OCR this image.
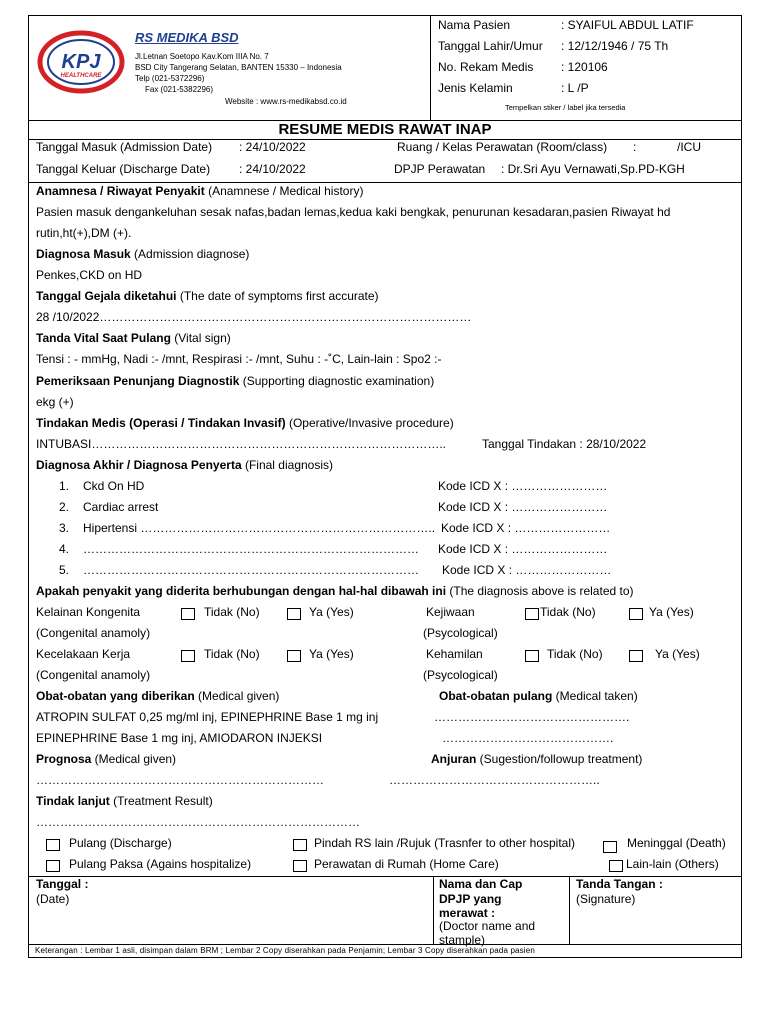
KPJ
HEALTHCARE
RS MEDIKA BSD
Jl.Letnan Soetopo Kav.Kom IIIA No. 7
BSD City Tangerang Selatan, BANTEN 15330 – Indonesia
Telp (021-5372296)
Fax (021-5382296)
Website : www.rs-medikabsd.co.id
Nama Pasien	: SYAIFUL ABDUL LATIF
Tanggal Lahir/Umur : 12/12/1946 / 75 Th
No. Rekam Medis : 120106
Jenis Kelamin	: L /P
Tempelkan stiker / label jika tersedia
RESUME MEDIS RAWAT INAP
Tanggal Masuk (Admission Date) : 24/10/2022	Ruang / Kelas Perawatan (Room/class) :	/ICU
Tanggal Keluar (Discharge Date) : 24/10/2022	DPJP Perawatan : Dr.Sri Ayu Vernawati,Sp.PD-KGH
Anamnesa / Riwayat Penyakit (Anamnese / Medical history)
Pasien masuk dengankeluhan sesak nafas,badan lemas,kedua kaki bengkak, penurunan kesadaran,pasien Riwayat hd
rutin,ht(+),DM (+).
Diagnosa Masuk (Admission diagnose)
Penkes,CKD on HD
Tanggal Gejala diketahui (The date of symptoms first accurate)
28 /10/2022…………………………………………………………………………………
Tanda Vital Saat Pulang (Vital sign)
Tensi : - mmHg, Nadi :- /mnt, Respirasi :- /mnt, Suhu : -˚C, Lain-lain : Spo2 :-
Pemeriksaan Penunjang Diagnostik (Supporting diagnostic examination)
ekg (+)
Tindakan Medis (Operasi / Tindakan Invasif) (Operative/Invasive procedure)
INTUBASI……………………………………………………………………………..	Tanggal Tindakan : 28/10/2022
Diagnosa Akhir / Diagnosa Penyerta (Final diagnosis)
1. Ckd On HD	Kode ICD X : ……………………
2. Cardiac arrest	Kode ICD X : ……………………
3. Hipertensi ……………………………………………………………….. Kode ICD X : ……………………
4. ………………………………………………………………………… Kode ICD X : ……………………
5. ………………………………………………………………………… Kode ICD X : ……………………
Apakah penyakit yang diderita berhubungan dengan hal-hal dibawah ini (The diagnosis above is related to)
Kelainan Kongenita	Tidak (No)	Ya (Yes)	Kejiwaan	Tidak (No)	Ya (Yes)
(Congenital anamoly)	(Psycological)
Kecelakaan Kerja	Tidak (No)	Ya (Yes)	Kehamilan	Tidak (No)	Ya (Yes)
(Congenital anamoly)	(Psycological)
Obat-obatan yang diberikan (Medical given)	Obat-obatan pulang (Medical taken)
ATROPIN SULFAT 0,25 mg/ml inj, EPINEPHRINE Base 1 mg inj	………………………………………….
EPINEPHRINE Base 1 mg inj, AMIODARON INJEKSI	…………………………………….
Prognosa (Medical given)	Anjuran (Sugestion/followup treatment)
………………………………………………………………	……………………………………………..
Tindak lanjut (Treatment Result)
………………………………………………………………………
Pulang (Discharge)	Pindah RS lain /Rujuk (Trasnfer to other hospital)	Meninggal (Death)
Pulang Paksa (Agains hospitalize)	Perawatan di Rumah (Home Care)	Lain-lain (Others)
Tanggal :
(Date)
Nama dan Cap
DPJP yang
merawat :
(Doctor name and
stample)
Tanda Tangan :
(Signature)
Keterangan : Lembar 1 asli, disimpan dalam BRM ; Lembar 2 Copy diserahkan pada Penjamin; Lembar 3 Copy diserahkan pada pasien
